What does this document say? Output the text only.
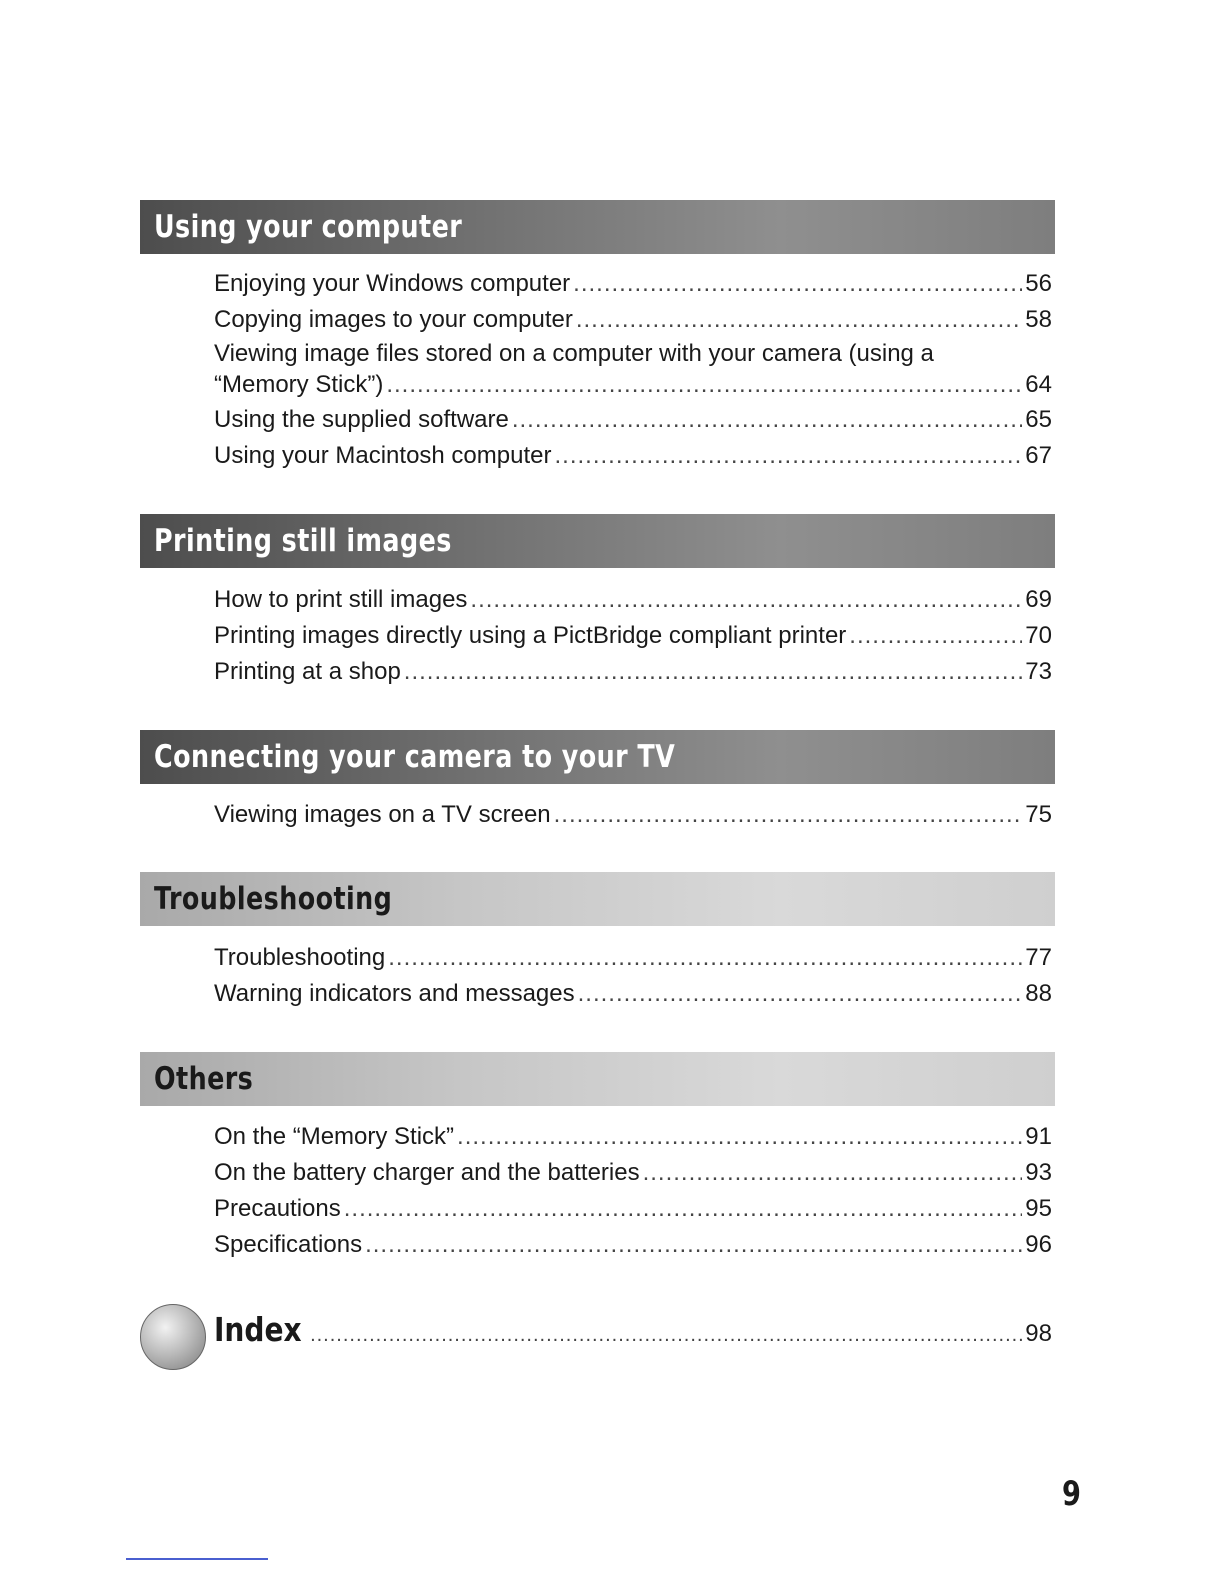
Using your computer
Enjoying your Windows computer .....	56
Copying images to your computer .....	58
Viewing image files stored on a computer with your camera (using a
“Memory Stick”) .....	64
Using the supplied software .....	65
Using your Macintosh computer .....	67
Printing still images
How to print still images .....	69
Printing images directly using a PictBridge compliant printer .....	70
Printing at a shop .....	73
Connecting your camera to your TV
Viewing images on a TV screen .....	75
Troubleshooting
Troubleshooting .....	77
Warning indicators and messages .....	88
Others
On the “Memory Stick” .....	91
On the battery charger and the batteries .....	93
Precautions .....	95
Specifications .....	96
Index .....	98
9
